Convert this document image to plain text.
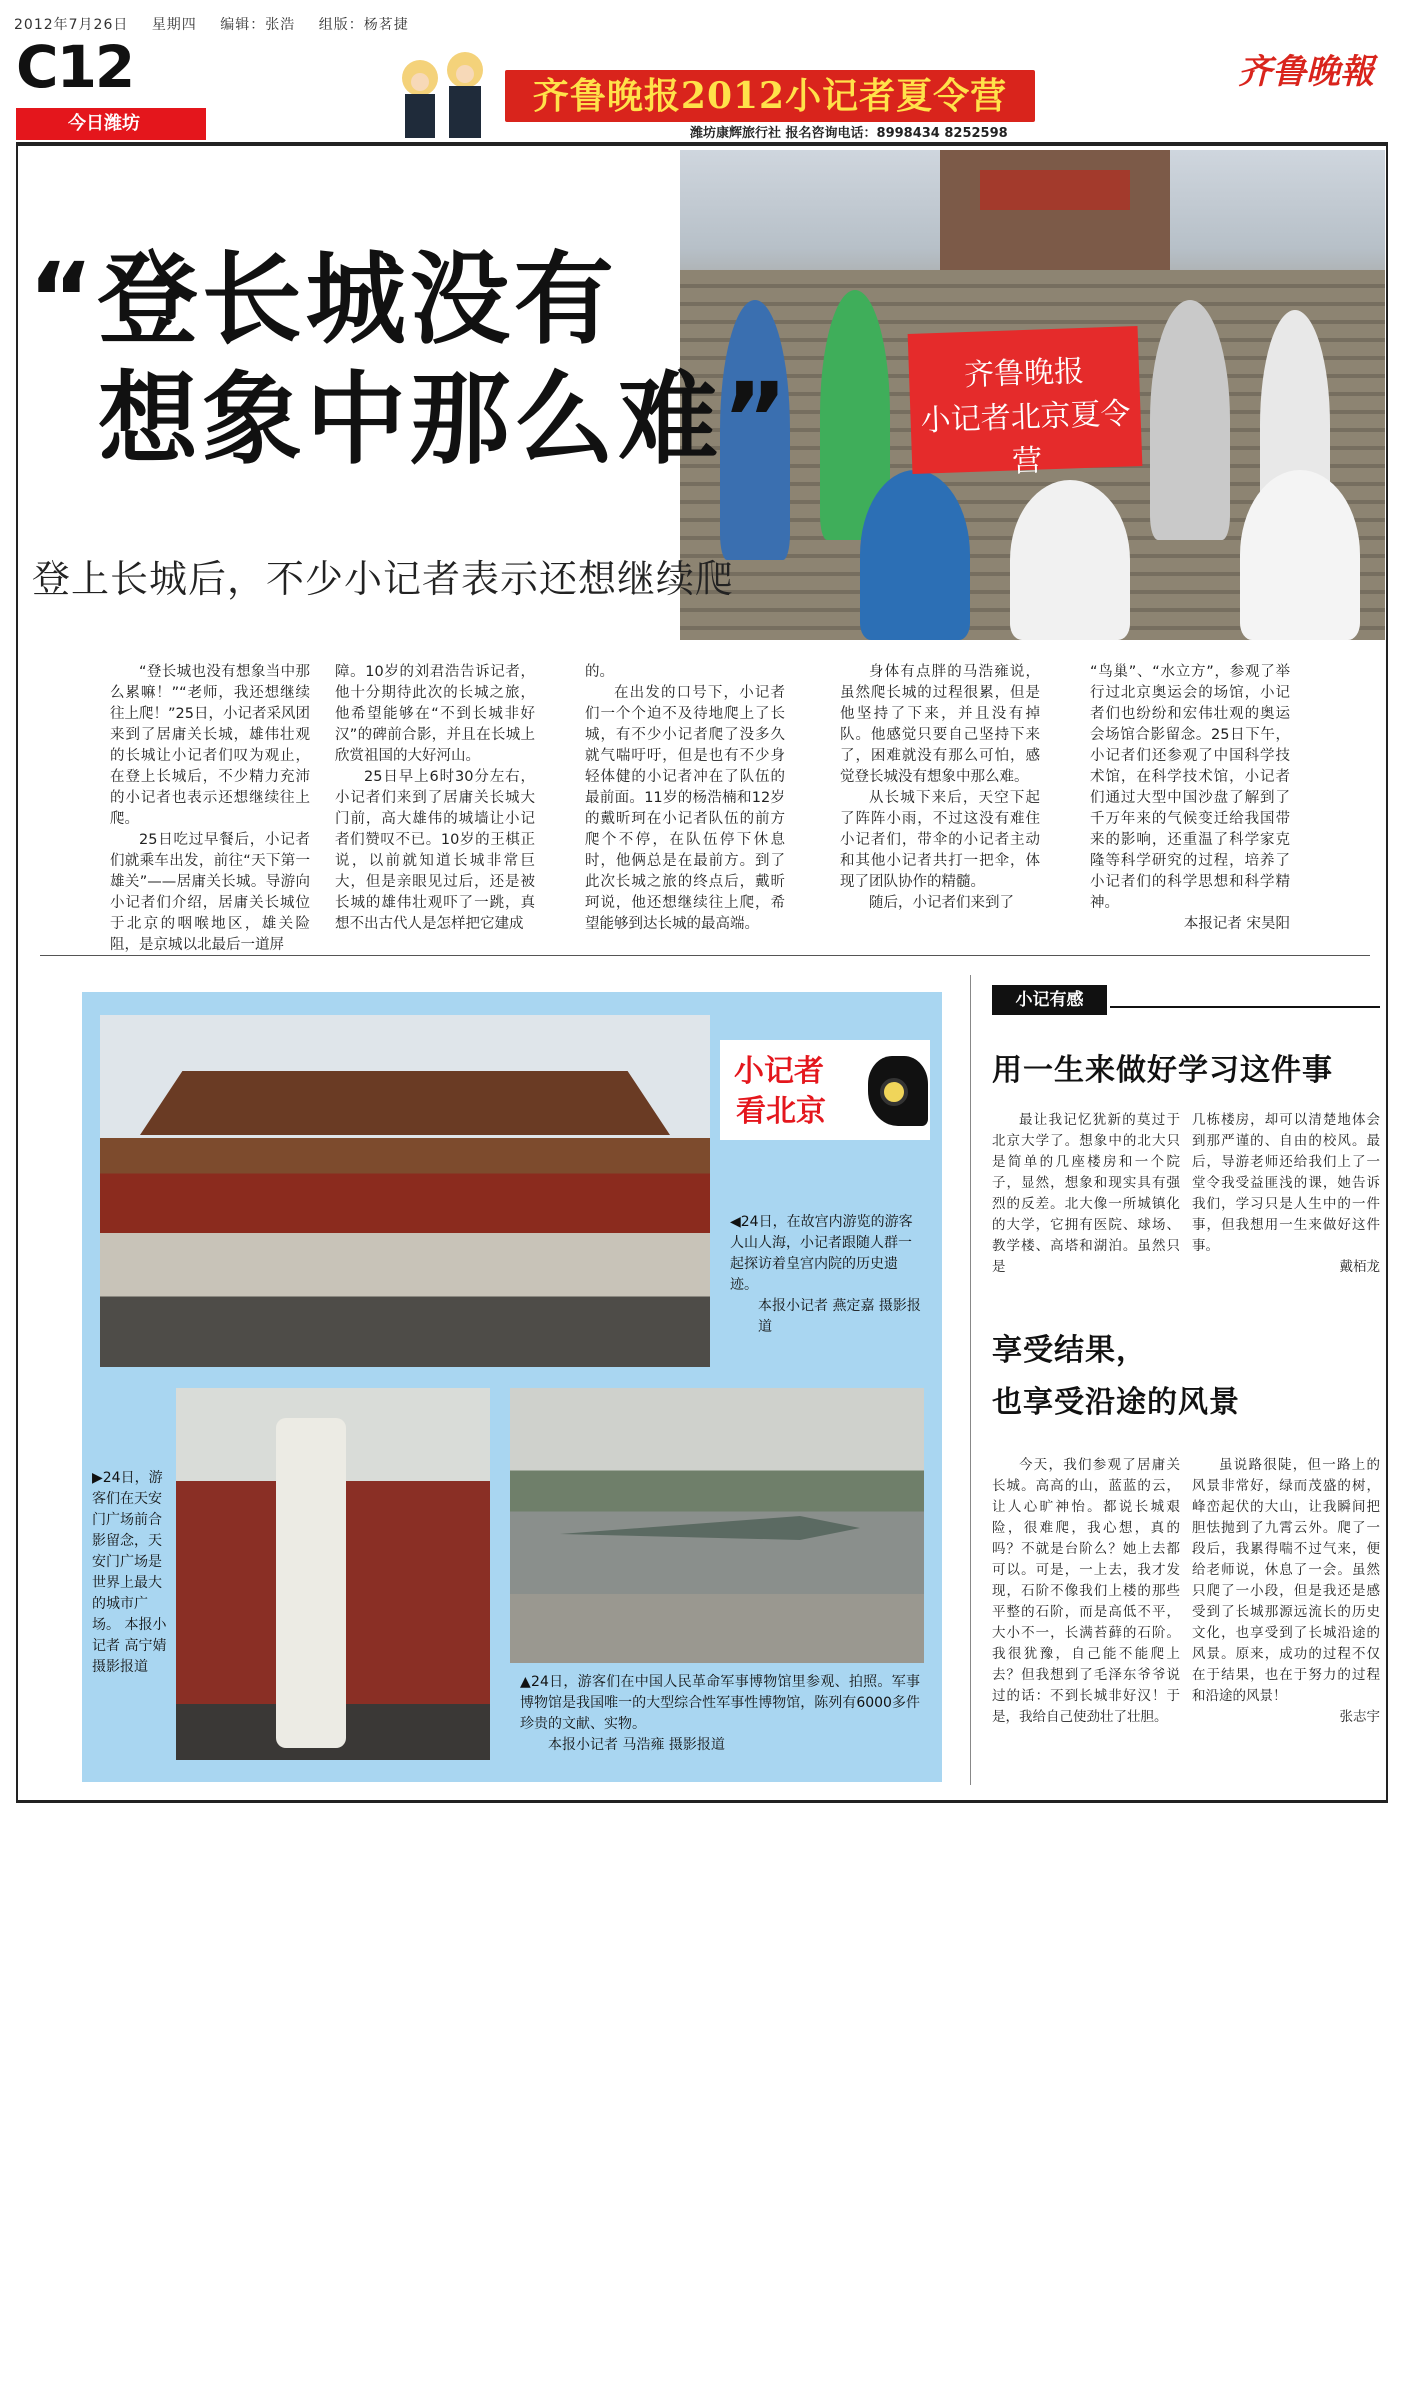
2012年7月26日 星期四 编辑：张浩 组版：杨茗捷
C12
今日潍坊
齐鲁晚报2012小记者夏令营
潍坊康辉旅行社 报名咨询电话：8998434 8252598
齐鲁晚報
齐鲁晚报
小记者北京夏令营
“登长城没有
想象中那么难”
登上长城后，不少小记者表示还想继续爬

“登长城也没有想象当中那么累嘛！”“老师，我还想继续往上爬！”25日，小记者采风团来到了居庸关长城，雄伟壮观的长城让小记者们叹为观止，在登上长城后，不少精力充沛的小记者也表示还想继续往上爬。

25日吃过早餐后，小记者们就乘车出发，前往“天下第一雄关”——居庸关长城。导游向小记者们介绍，居庸关长城位于北京的咽喉地区，雄关险阻，是京城以北最后一道屏

障。10岁的刘君浩告诉记者，他十分期待此次的长城之旅，他希望能够在“不到长城非好汉”的碑前合影，并且在长城上欣赏祖国的大好河山。

25日早上6时30分左右，小记者们来到了居庸关长城大门前，高大雄伟的城墙让小记者们赞叹不已。10岁的王棋正说，以前就知道长城非常巨大，但是亲眼见过后，还是被长城的雄伟壮观吓了一跳，真想不出古代人是怎样把它建成

的。

在出发的口号下，小记者们一个个迫不及待地爬上了长城，有不少小记者爬了没多久就气喘吁吁，但是也有不少身轻体健的小记者冲在了队伍的最前面。11岁的杨浩楠和12岁的戴昕珂在小记者队伍的前方爬个不停，在队伍停下休息时，他俩总是在最前方。到了此次长城之旅的终点后，戴昕珂说，他还想继续往上爬，希望能够到达长城的最高端。

身体有点胖的马浩雍说，虽然爬长城的过程很累，但是他坚持了下来，并且没有掉队。他感觉只要自己坚持下来了，困难就没有那么可怕，感觉登长城没有想象中那么难。

从长城下来后，天空下起了阵阵小雨，不过这没有难住小记者们，带伞的小记者主动和其他小记者共打一把伞，体现了团队协作的精髓。

随后，小记者们来到了

“鸟巢”、“水立方”，参观了举行过北京奥运会的场馆，小记者们也纷纷和宏伟壮观的奥运会场馆合影留念。25日下午，小记者们还参观了中国科学技术馆，在科学技术馆，小记者们通过大型中国沙盘了解到了千万年来的气候变迁给我国带来的影响，还重温了科学家克隆等科学研究的过程，培养了小记者们的科学思想和科学精神。

本报记者 宋昊阳

小记者
看北京
◀24日，在故宫内游览的游客人山人海，小记者跟随人群一起探访着皇宫内院的历史遗迹。
本报小记者 燕定嘉 摄影报道
▶24日，游客们在天安门广场前合影留念，天安门广场是世界上最大的城市广场。 本报小记者 高宁婧 摄影报道
▲24日，游客们在中国人民革命军事博物馆里参观、拍照。军事博物馆是我国唯一的大型综合性军事性博物馆，陈列有6000多件珍贵的文献、实物。
本报小记者 马浩雍 摄影报道
小记有感
用一生来做好学习这件事

最让我记忆犹新的莫过于北京大学了。想象中的北大只是简单的几座楼房和一个院子，显然，想象和现实具有强烈的反差。北大像一所城镇化的大学，它拥有医院、球场、教学楼、高塔和湖泊。虽然只是

几栋楼房，却可以清楚地体会到那严谨的、自由的校风。最后，导游老师还给我们上了一堂令我受益匪浅的课，她告诉我们，学习只是人生中的一件事，但我想用一生来做好这件事。

戴栢龙
享受结果，
也享受沿途的风景

今天，我们参观了居庸关长城。高高的山，蓝蓝的云，让人心旷神怡。都说长城艰险，很难爬，我心想，真的吗？不就是台阶么？她上去都可以。可是，一上去，我才发现，石阶不像我们上楼的那些平整的石阶，而是高低不平，大小不一，长满苔藓的石阶。我很犹豫，自己能不能爬上去？但我想到了毛泽东爷爷说过的话：不到长城非好汉！于是，我给自己使劲壮了壮胆。

虽说路很陡，但一路上的风景非常好，绿而茂盛的树，峰峦起伏的大山，让我瞬间把胆怯抛到了九霄云外。爬了一段后，我累得喘不过气来，便给老师说，休息了一会。虽然只爬了一小段，但是我还是感受到了长城那源远流长的历史文化，也享受到了长城沿途的风景。原来，成功的过程不仅在于结果，也在于努力的过程和沿途的风景！

张志宇
